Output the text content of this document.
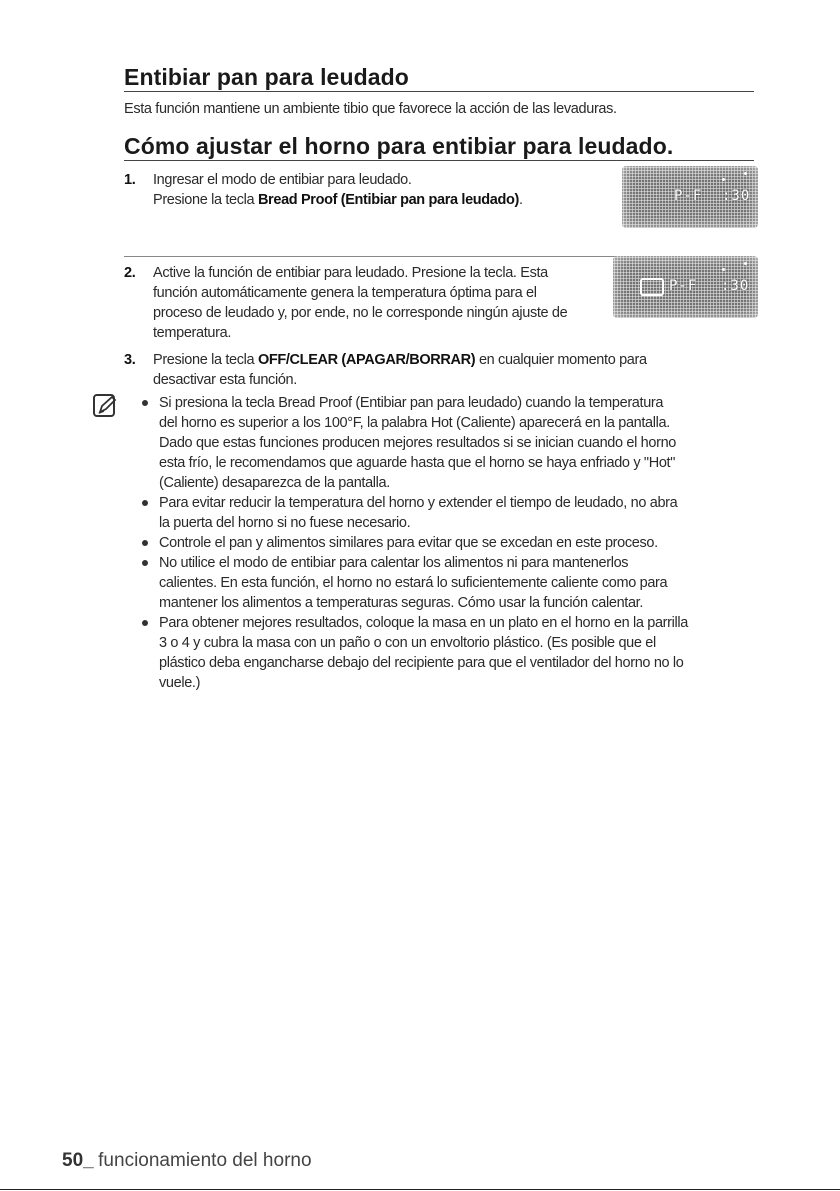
Entibiar pan para leudado
Esta función mantiene un ambiente tibio que favorece la acción de las levaduras.
Cómo ajustar el horno para entibiar para leudado.
1. Ingresar el modo de entibiar para leudado.
Presione la tecla Bread Proof (Entibiar pan para leudado).	P-F :30
2. Active la función de entibiar para leudado. Presione la tecla. Esta
función automáticamente genera la temperatura óptima para el
proceso de leudado y, por ende, no le corresponde ningún ajuste de
temperatura.
P-F :30
3. Presione la tecla OFF/CLEAR (APAGAR/BORRAR) en cualquier momento para
desactivar esta función.
Si presiona la tecla Bread Proof (Entibiar pan para leudado) cuando la temperatura
del horno es superior a los 100°F, la palabra Hot (Caliente) aparecerá en la pantalla.
Dado que estas funciones producen mejores resultados si se inician cuando el horno
esta frío, le recomendamos que aguarde hasta que el horno se haya enfriado y "Hot"
(Caliente) desaparezca de la pantalla.
Para evitar reducir la temperatura del horno y extender el tiempo de leudado, no abra
la puerta del horno si no fuese necesario.
Controle el pan y alimentos similares para evitar que se excedan en este proceso.
No utilice el modo de entibiar para calentar los alimentos ni para mantenerlos
calientes. En esta función, el horno no estará lo suficientemente caliente como para
mantener los alimentos a temperaturas seguras. Cómo usar la función calentar.
Para obtener mejores resultados, coloque la masa en un plato en el horno en la parrilla
3 o 4 y cubra la masa con un paño o con un envoltorio plástico. (Es posible que el
plástico deba engancharse debajo del recipiente para que el ventilador del horno no lo
vuele.)
50_ funcionamiento del horno
